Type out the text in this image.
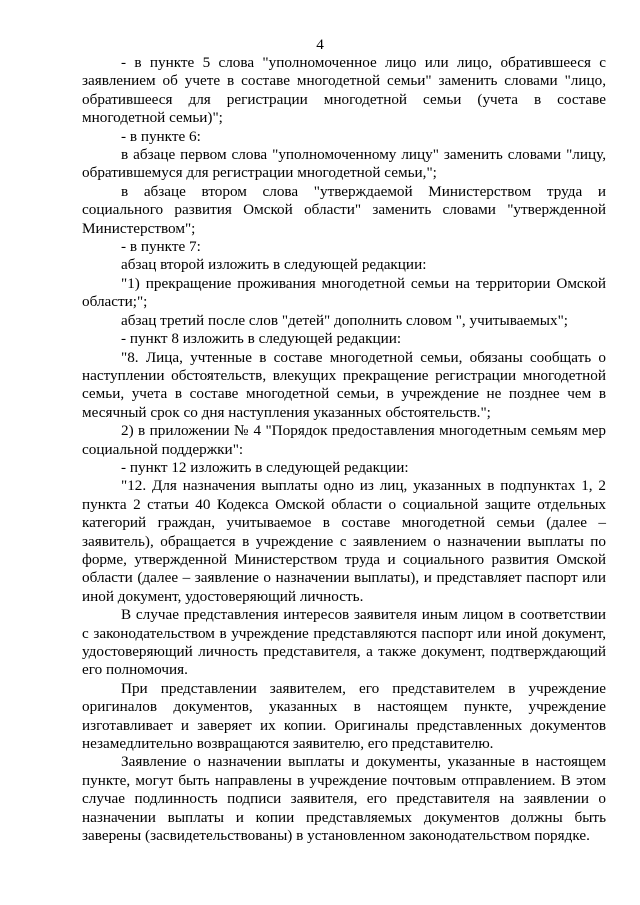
4

- в пункте 5 слова "уполномоченное лицо или лицо, обратившееся с заявлением об учете в составе многодетной семьи" заменить словами "лицо, обратившееся для регистрации многодетной семьи (учета в составе многодетной семьи)";

- в пункте 6:

в абзаце первом слова "уполномоченному лицу" заменить словами "лицу, обратившемуся для регистрации многодетной семьи,";

в абзаце втором слова "утверждаемой Министерством труда и социального развития Омской области" заменить словами "утвержденной Министерством";

- в пункте 7:

абзац второй изложить в следующей редакции:

"1) прекращение проживания многодетной семьи на территории Омской области;";

абзац третий после слов "детей" дополнить словом ", учитываемых";

- пункт 8 изложить в следующей редакции:

"8. Лица, учтенные в составе многодетной семьи, обязаны сообщать о наступлении обстоятельств, влекущих прекращение регистрации многодетной семьи, учета в составе многодетной семьи, в учреждение не позднее чем в месячный срок со дня наступления указанных обстоятельств.";

2) в приложении № 4 "Порядок предоставления многодетным семьям мер социальной поддержки":

- пункт 12 изложить в следующей редакции:

"12. Для назначения выплаты одно из лиц, указанных в подпунктах 1, 2 пункта 2 статьи 40 Кодекса Омской области о социальной защите отдельных категорий граждан, учитываемое в составе многодетной семьи (далее – заявитель), обращается в учреждение с заявлением о назначении выплаты по форме, утвержденной Министерством труда и социального развития Омской области (далее – заявление о назначении выплаты), и представляет паспорт или иной документ, удостоверяющий личность.

В случае представления интересов заявителя иным лицом в соответствии с законодательством в учреждение представляются паспорт или иной документ, удостоверяющий личность представителя, а также документ, подтверждающий его полномочия.

При представлении заявителем, его представителем в учреждение оригиналов документов, указанных в настоящем пункте, учреждение изготавливает и заверяет их копии. Оригиналы представленных документов незамедлительно возвращаются заявителю, его представителю.

Заявление о назначении выплаты и документы, указанные в настоящем пункте, могут быть направлены в учреждение почтовым отправлением. В этом случае подлинность подписи заявителя, его представителя на заявлении о назначении выплаты и копии представляемых документов должны быть заверены (засвидетельствованы) в установленном законодательством порядке.
